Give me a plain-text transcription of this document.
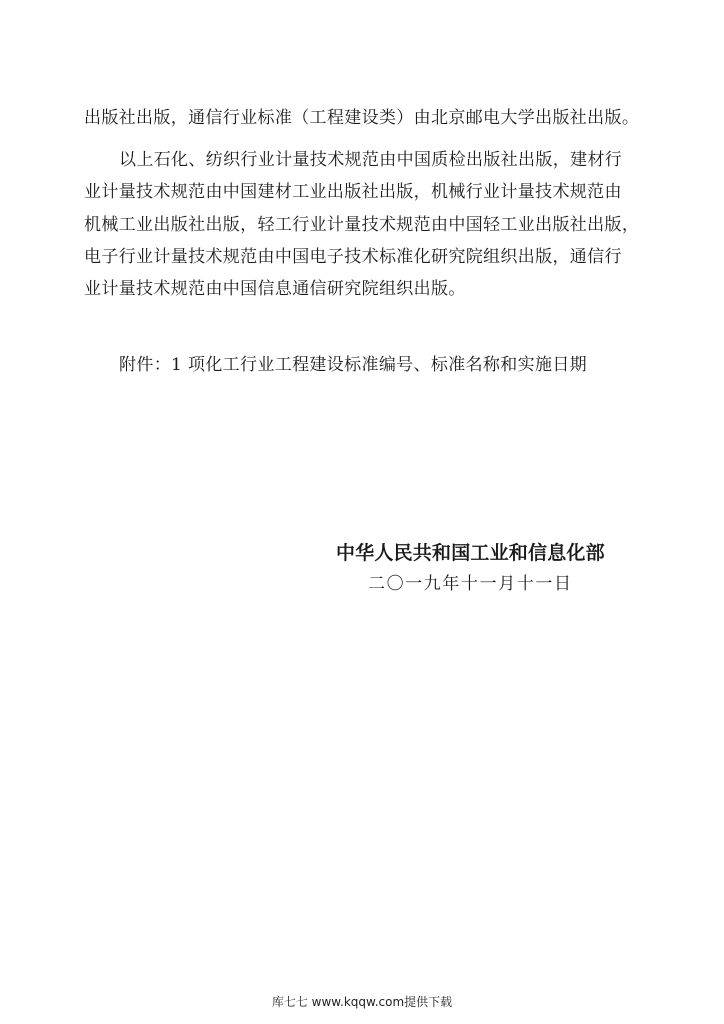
出版社出版，通信行业标准（工程建设类）由北京邮电大学出版社出版。
以上石化、纺织行业计量技术规范由中国质检出版社出版，建材行
业计量技术规范由中国建材工业出版社出版，机械行业计量技术规范由
机械工业出版社出版，轻工行业计量技术规范由中国轻工业出版社出版，
电子行业计量技术规范由中国电子技术标准化研究院组织出版，通信行
业计量技术规范由中国信息通信研究院组织出版。
附件：1 项化工行业工程建设标准编号、标准名称和实施日期
中华人民共和国工业和信息化部
二〇一九年十一月十一日
库七七 www.kqqw.com提供下载
